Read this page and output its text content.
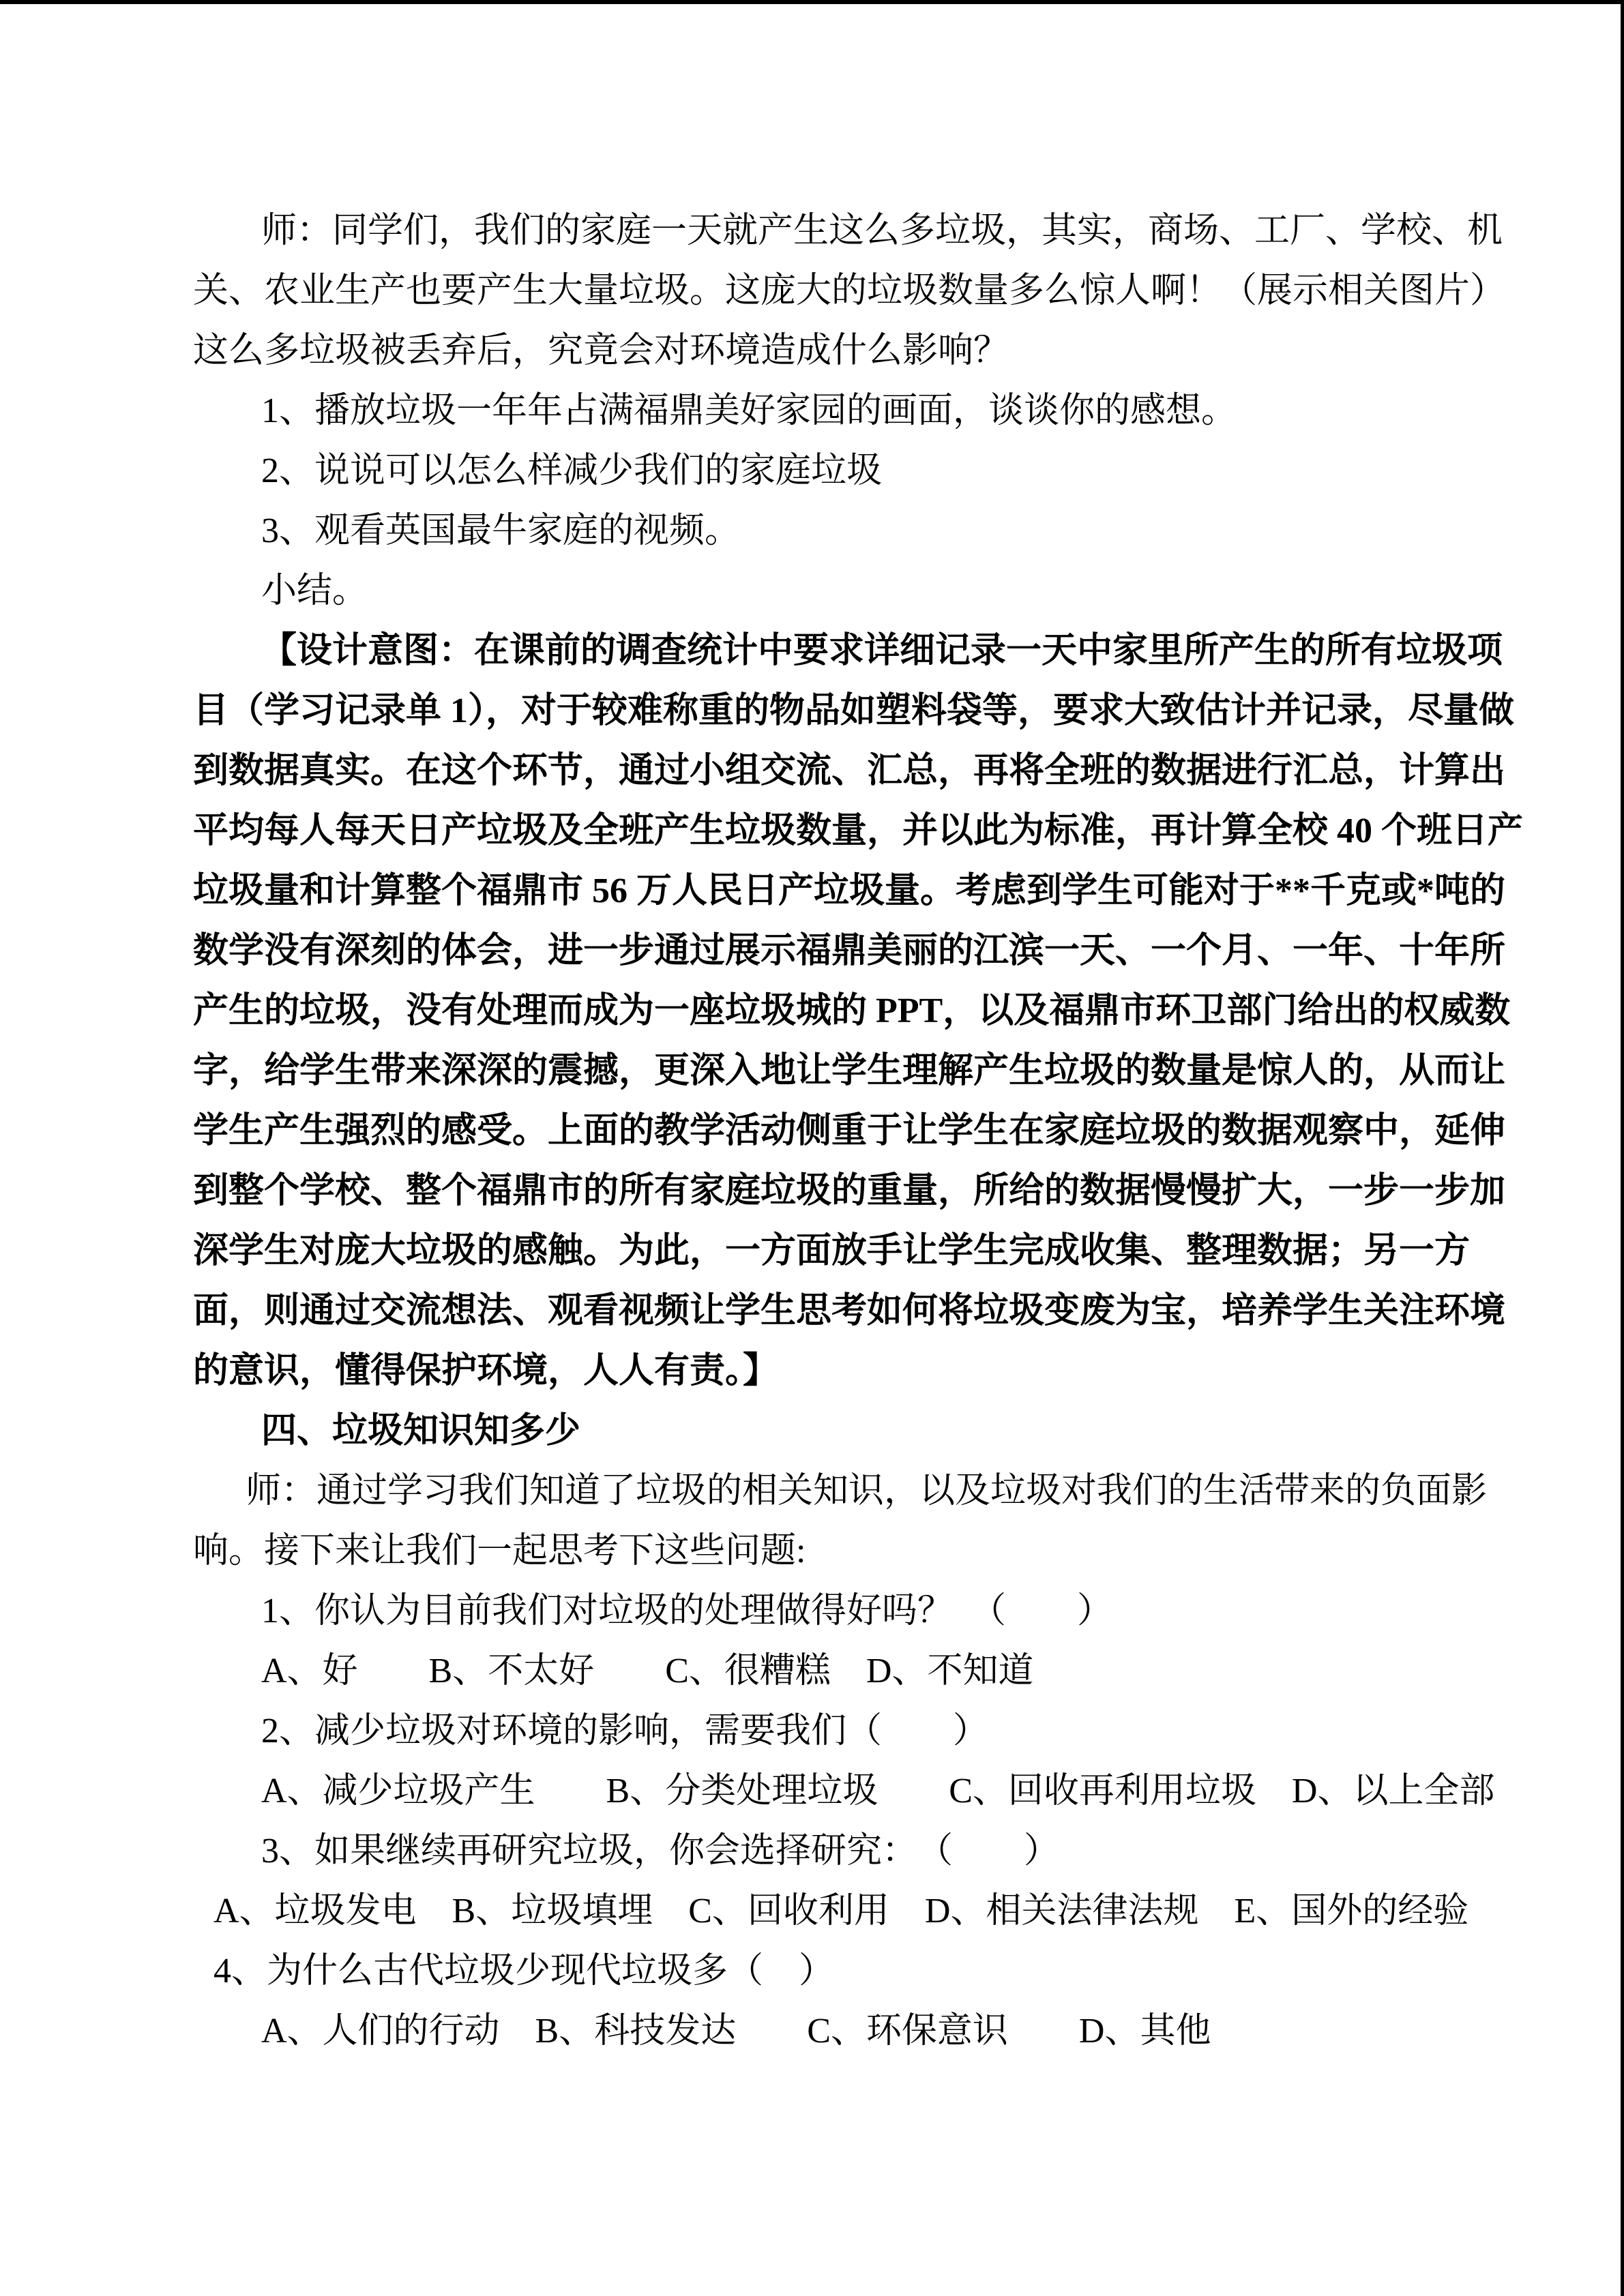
师：同学们，我们的家庭一天就产生这么多垃圾，其实，商场、工厂、学校、机
关、农业生产也要产生大量垃圾。这庞大的垃圾数量多么惊人啊！（展示相关图片）
这么多垃圾被丢弃后，究竟会对环境造成什么影响？
1、播放垃圾一年年占满福鼎美好家园的画面，谈谈你的感想。
2、说说可以怎么样减少我们的家庭垃圾
3、观看英国最牛家庭的视频。
小结。
【设计意图：在课前的调查统计中要求详细记录一天中家里所产生的所有垃圾项
目（学习记录单 1），对于较难称重的物品如塑料袋等，要求大致估计并记录，尽量做
到数据真实。在这个环节，通过小组交流、汇总，再将全班的数据进行汇总，计算出
平均每人每天日产垃圾及全班产生垃圾数量，并以此为标准，再计算全校 40 个班日产
垃圾量和计算整个福鼎市 56 万人民日产垃圾量。考虑到学生可能对于**千克或*吨的
数学没有深刻的体会，进一步通过展示福鼎美丽的江滨一天、一个月、一年、十年所
产生的垃圾，没有处理而成为一座垃圾城的 PPT，以及福鼎市环卫部门给出的权威数
字，给学生带来深深的震撼，更深入地让学生理解产生垃圾的数量是惊人的，从而让
学生产生强烈的感受。上面的教学活动侧重于让学生在家庭垃圾的数据观察中，延伸
到整个学校、整个福鼎市的所有家庭垃圾的重量，所给的数据慢慢扩大，一步一步加
深学生对庞大垃圾的感触。为此，一方面放手让学生完成收集、整理数据；另一方
面，则通过交流想法、观看视频让学生思考如何将垃圾变废为宝，培养学生关注环境
的意识，懂得保护环境，人人有责。】
四、垃圾知识知多少
师：通过学习我们知道了垃圾的相关知识，以及垃圾对我们的生活带来的负面影
响。接下来让我们一起思考下这些问题:
1、你认为目前我们对垃圾的处理做得好吗？　（　　）
A、好　　B、不太好　　C、很糟糕　D、不知道
2、减少垃圾对环境的影响，需要我们（　　）
A、减少垃圾产生　　B、分类处理垃圾　　C、回收再利用垃圾　D、以上全部
3、如果继续再研究垃圾，你会选择研究：　（　　）
A、垃圾发电　B、垃圾填埋　C、回收利用　D、相关法律法规　E、国外的经验
4、为什么古代垃圾少现代垃圾多（　）
A、人们的行动　B、科技发达　　C、环保意识　　D、其他
